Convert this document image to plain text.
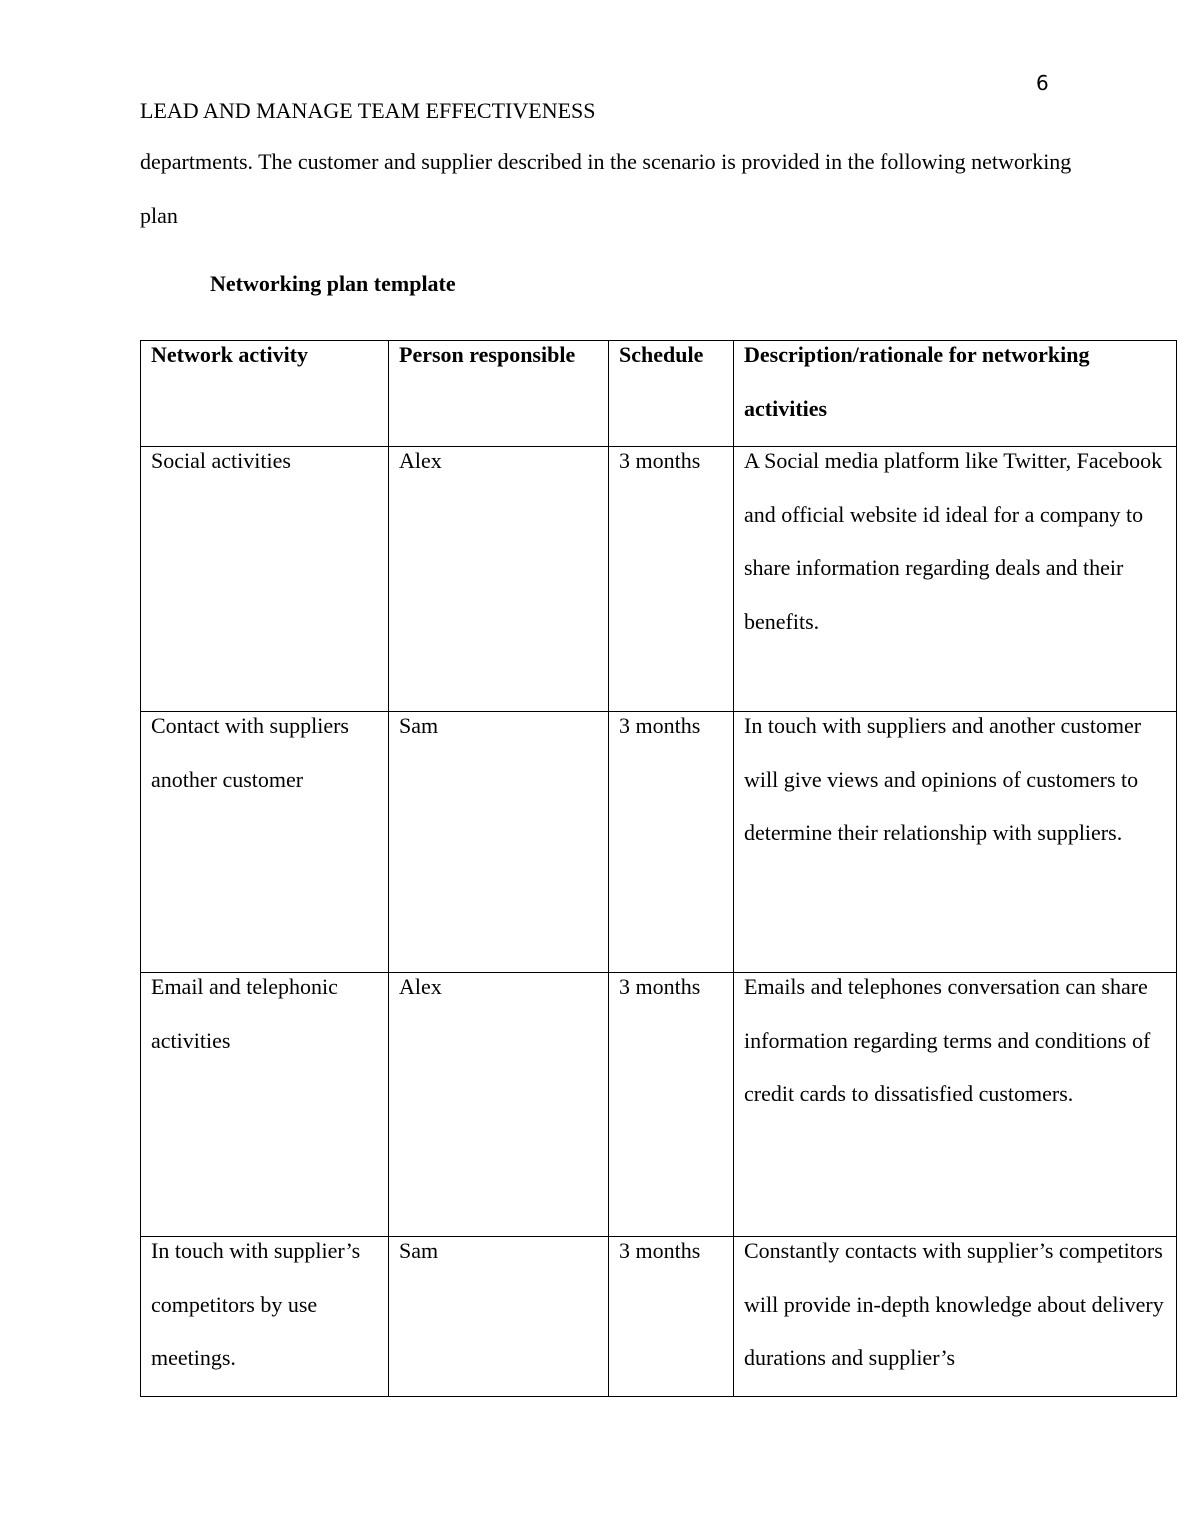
6
LEAD AND MANAGE TEAM EFFECTIVENESS

departments. The customer and supplier described in the scenario is provided in the following networking plan

Networking plan template
Network activity	Person responsible	Schedule	Description/rationale for networking activities

Social activities	Alex	3 months	A Social media platform like Twitter, Facebook and official website id ideal for a company to share information regarding deals and their benefits.

Contact with suppliers another customer	Sam	3 months	In touch with suppliers and another customer will give views and opinions of customers to determine their relationship with suppliers.

Email and telephonic activities	Alex	3 months	Emails and telephones conversation can share information regarding terms and conditions of credit cards to dissatisfied customers.

In touch with supplier’s competitors by use meetings.	Sam	3 months	Constantly contacts with supplier’s competitors will provide in-depth knowledge about delivery durations and supplier’s
